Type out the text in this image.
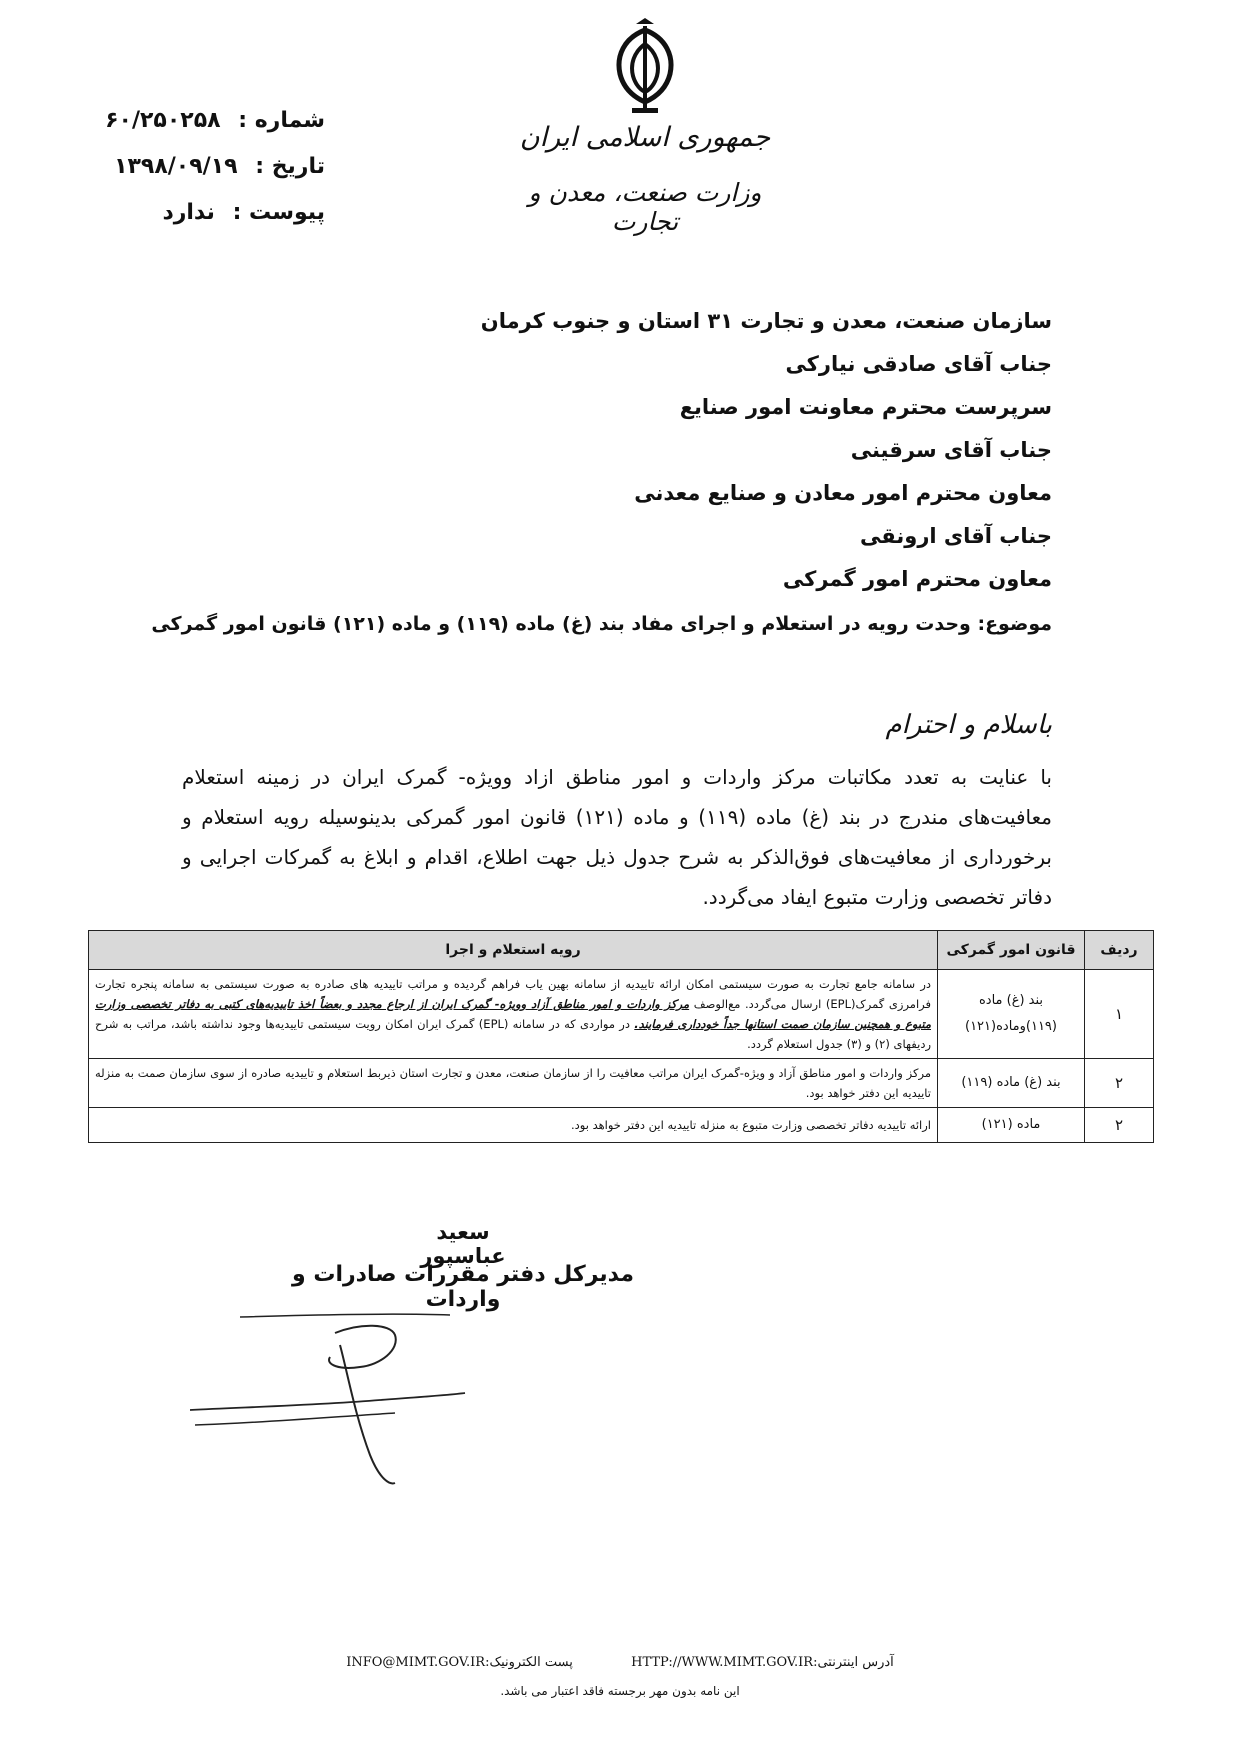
جمهوری اسلامی ایران
وزارت صنعت، معدن و تجارت
شماره : ۶۰/۲۵۰۲۵۸
تاریخ : ۱۳۹۸/۰۹/۱۹
پیوست : ندارد
سازمان صنعت، معدن و تجارت ۳۱ استان و جنوب کرمان
جناب آقای صادقی نیارکی
سرپرست محترم معاونت امور صنایع
جناب آقای سرقینی
معاون محترم امور معادن و صنایع معدنی
جناب آقای ارونقی
معاون محترم امور گمرکی
موضوع: وحدت رویه در استعلام و اجرای مفاد بند (غ) ماده (۱۱۹) و ماده (۱۲۱) قانون امور گمرکی
باسلام و احترام
با عنایت به تعدد مکاتبات مرکز واردات و امور مناطق ازاد وویژه- گمرک ایران در زمینه استعلام معافیت‌های مندرج در بند (غ) ماده (۱۱۹) و ماده (۱۲۱) قانون امور گمرکی بدینوسیله رویه استعلام و برخورداری از معافیت‌های فوق‌الذکر به شرح جدول ذیل جهت اطلاع، اقدام و ابلاغ به گمرکات اجرایی و دفاتر تخصصی وزارت متبوع ایفاد می‌گردد.
ردیف	قانون امور گمرکی	رویه استعلام و اجرا
۱	بند (غ) ماده (۱۱۹)وماده(۱۲۱)	در سامانه جامع تجارت به صورت سیستمی امکان ارائه تاییدیه از سامانه بهین یاب فراهم گردیده و مراتب تاییدیه های صادره به صورت سیستمی به سامانه پنجره تجارت فرامرزی گمرک(EPL) ارسال می‌گردد. مع‌الوصف مرکز واردات و امور مناطق آزاد وویژه- گمرک ایران از ارجاع مجدد و بعضاً اخذ تاییدیه‌های کتبی به دفاتر تخصصی وزارت متبوع و همچنین سازمان صمت استانها جداً خودداری فرمایند. در مواردی که در سامانه (EPL) گمرک ایران امکان رویت سیستمی تاییدیه‌ها وجود نداشته باشد، مراتب به شرح ردیفهای (۲) و (۳) جدول استعلام گردد.
۲	بند (غ) ماده (۱۱۹)	مرکز واردات و امور مناطق آزاد و ویژه-گمرک ایران مراتب معافیت را از سازمان صنعت، معدن و تجارت استان ذیربط استعلام و تاییدیه صادره از سوی سازمان صمت به منزله تاییدیه این دفتر خواهد بود.
۲	ماده (۱۲۱)	ارائه تاییدیه دفاتر تخصصی وزارت متبوع به منزله تاییدیه این دفتر خواهد بود.
سعید عباسپور
مدیرکل دفتر مقررات صادرات و واردات
آدرس اینترنتی:HTTP://WWW.MIMT.GOV.IR  پست الکترونیک:INFO@MIMT.GOV.IR
این نامه بدون مهر برجسته فاقد اعتبار می باشد.
